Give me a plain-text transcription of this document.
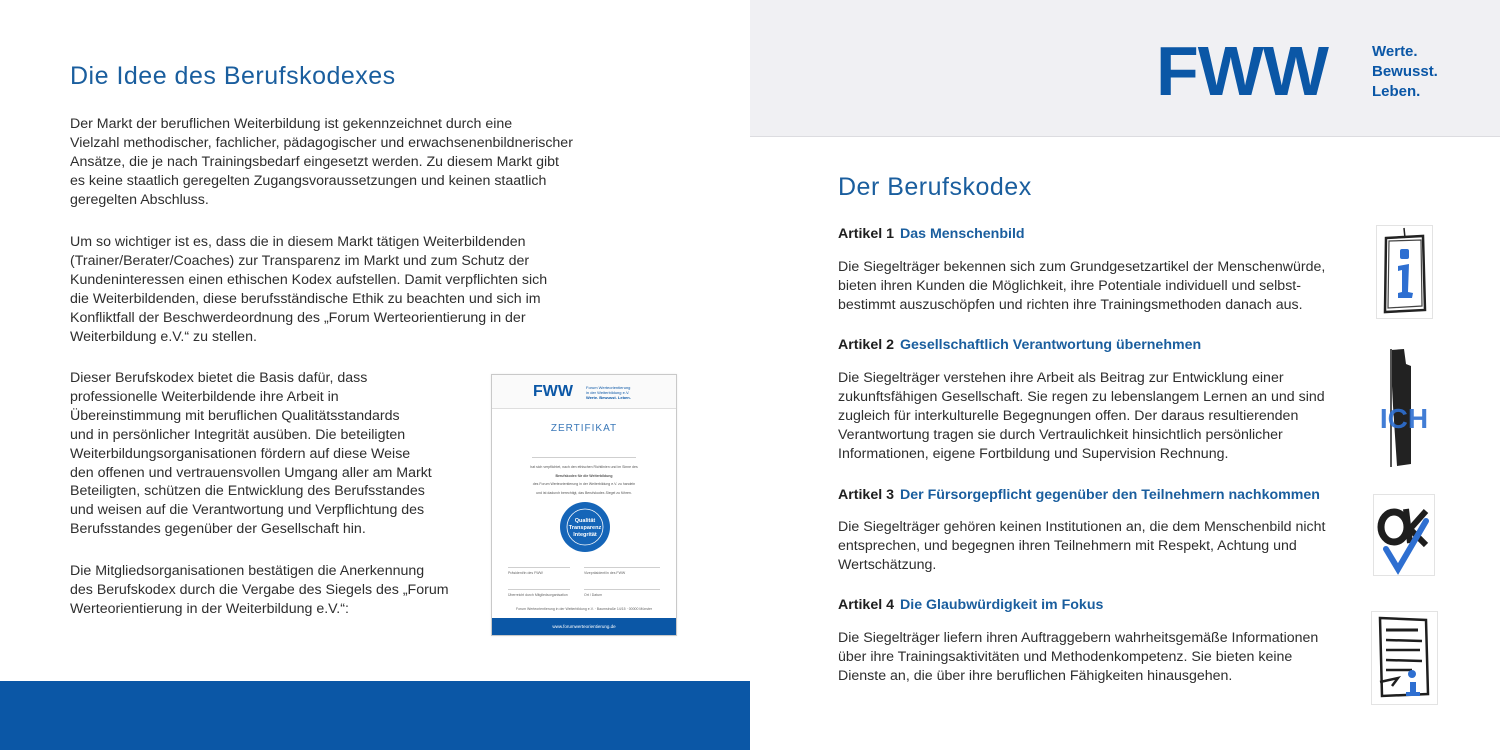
Die Idee des Berufskodexes

Der Markt der beruflichen Weiterbildung ist gekennzeichnet durch eine
Vielzahl methodischer, fachlicher, pädagogischer und erwachsenenbildnerischer
Ansätze, die je nach Trainingsbedarf eingesetzt werden. Zu diesem Markt gibt
es keine staatlich geregelten Zugangsvoraussetzungen und keinen staatlich
geregelten Abschluss.

Um so wichtiger ist es, dass die in diesem Markt tätigen Weiterbildenden
(Trainer/Berater/Coaches) zur Transparenz im Markt und zum Schutz der
Kundeninteressen einen ethischen Kodex aufstellen. Damit verpflichten sich
die Weiterbildenden, diese berufsständische Ethik zu beachten und sich im
Konfliktfall der Beschwerdeordnung des „Forum Werteorientierung in der
Weiterbildung e.V.“ zu stellen.

Dieser Berufskodex bietet die Basis dafür, dass
professionelle Weiterbildende ihre Arbeit in
Übereinstimmung mit beruflichen Qualitätsstandards
und in persönlicher Integrität ausüben. Die beteiligten
Weiterbildungsorganisationen fördern auf diese Weise
den offenen und vertrauensvollen Umgang aller am Markt
Beteiligten, schützen die Entwicklung des Berufsstandes
und weisen auf die Verantwortung und Verpflichtung des
Berufsstandes gegenüber der Gesellschaft hin.

Die Mitgliedsorganisationen bestätigen die Anerkennung
des Berufskodex durch die Vergabe des Siegels des „Forum
Werteorientierung in der Weiterbildung e.V.“:

FWW	Forum Werteorientierung
in der Weiterbildung e.V.
Werte. Bewusst. Leben.
ZERTIFIKAT
hat sich verpflichtet, nach den ethischen Richtlinien und im Sinne des
Berufskodex für die Weiterbildung
des Forum Werteorientierung in der Weiterbildung e.V. zu handeln
und ist dadurch berechtigt, das Berufskodex-Siegel zu führen.
Qualität
Transparenz
Integrität
Präsident/in des FWW	Vizepräsident/in des FWW
Überreicht durch Mitgliedsorganisation	Ort / Datum
Forum Werteorientierung in der Weiterbildung e.V. · Baumstraße 14/15 · 00000 Münster
www.forumwerteorientierung.de
FWW	Werte.
Bewusst.
Leben.
Der Berufskodex
Artikel 1 Das Menschenbild

Die Siegelträger bekennen sich zum Grundgesetzartikel der Menschenwürde,
bieten ihren Kunden die Möglichkeit, ihre Potentiale individuell und selbst-
bestimmt auszuschöpfen und richten ihre Trainingsmethoden danach aus.

Artikel 2 Gesellschaftlich Verantwortung übernehmen

Die Siegelträger verstehen ihre Arbeit als Beitrag zur Entwicklung einer
zukunftsfähigen Gesellschaft. Sie regen zu lebenslangem Lernen an und sind
zugleich für interkulturelle Begegnungen offen. Der daraus resultierenden
Verantwortung tragen sie durch Vertraulichkeit hinsichtlich persönlicher
Informationen, eigene Fortbildung und Supervision Rechnung.

ICH
Artikel 3 Der Fürsorgepflicht gegenüber den Teilnehmern nachkommen

Die Siegelträger gehören keinen Institutionen an, die dem Menschenbild nicht
entsprechen, und begegnen ihren Teilnehmern mit Respekt, Achtung und
Wertschätzung.

Artikel 4 Die Glaubwürdigkeit im Fokus

Die Siegelträger liefern ihren Auftraggebern wahrheitsgemäße Informationen
über ihre Trainingsaktivitäten und Methodenkompetenz. Sie bieten keine
Dienste an, die über ihre beruflichen Fähigkeiten hinausgehen.
